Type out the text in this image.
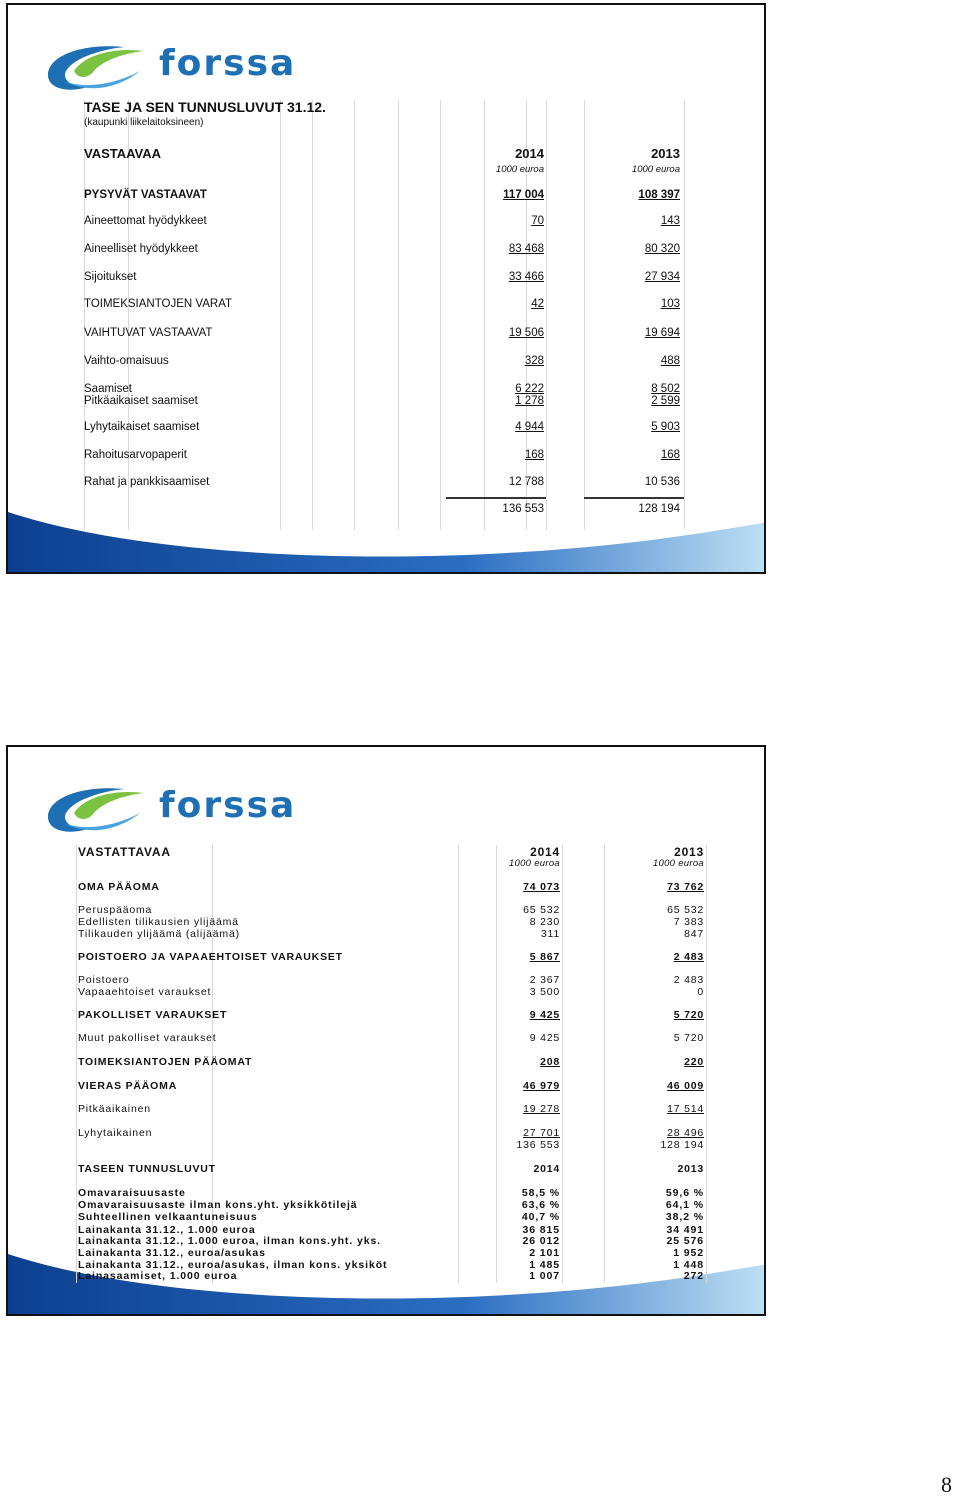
forssa
TASE JA SEN TUNNUSLUVUT 31.12.
(kaupunki liikelaitoksineen)
VASTAAVAA	2014	2013
1000 euroa	1000 euroa
PYSYVÄT VASTAAVAT	117 004	108 397
Aineettomat hyödykkeet	70	143
Aineelliset hyödykkeet	83 468	80 320
Sijoitukset	33 466	27 934
TOIMEKSIANTOJEN VARAT	42	103
VAIHTUVAT VASTAAVAT	19 506	19 694
Vaihto-omaisuus	328	488
Saamiset	6 222	8 502
Pitkäaikaiset saamiset	1 278	2 599
Lyhytaikaiset saamiset	4 944	5 903
Rahoitusarvopaperit	168	168
Rahat ja pankkisaamiset	12 788	10 536
136 553	128 194
forssa
VASTATTAVAA	2014	2013
1000 euroa	1000 euroa
OMA PÄÄOMA	74 073	73 762
Peruspääoma	65 532	65 532
Edellisten tilikausien ylijäämä	8 230	7 383
Tilikauden ylijäämä (alijäämä)	311	847
POISTOERO JA VAPAAEHTOISET VARAUKSET	5 867	2 483
Poistoero	2 367	2 483
Vapaaehtoiset varaukset	3 500	0
PAKOLLISET VARAUKSET	9 425	5 720
Muut pakolliset varaukset	9 425	5 720
TOIMEKSIANTOJEN PÄÄOMAT	208	220
VIERAS PÄÄOMA	46 979	46 009
Pitkäaikainen	19 278	17 514
Lyhytaikainen	27 701	28 496
136 553	128 194
TASEEN TUNNUSLUVUT	2014	2013
Omavaraisuusaste	58,5 %	59,6 %
Omavaraisuusaste ilman kons.yht. yksikkötilejä	63,6 %	64,1 %
Suhteellinen velkaantuneisuus	40,7 %	38,2 %
Lainakanta 31.12., 1.000 euroa	36 815	34 491
Lainakanta 31.12., 1.000 euroa, ilman kons.yht. yks.	26 012	25 576
Lainakanta 31.12., euroa/asukas	2 101	1 952
Lainakanta 31.12., euroa/asukas, ilman kons. yksiköt	1 485	1 448
Lainasaamiset, 1.000 euroa	1 007	272
8
